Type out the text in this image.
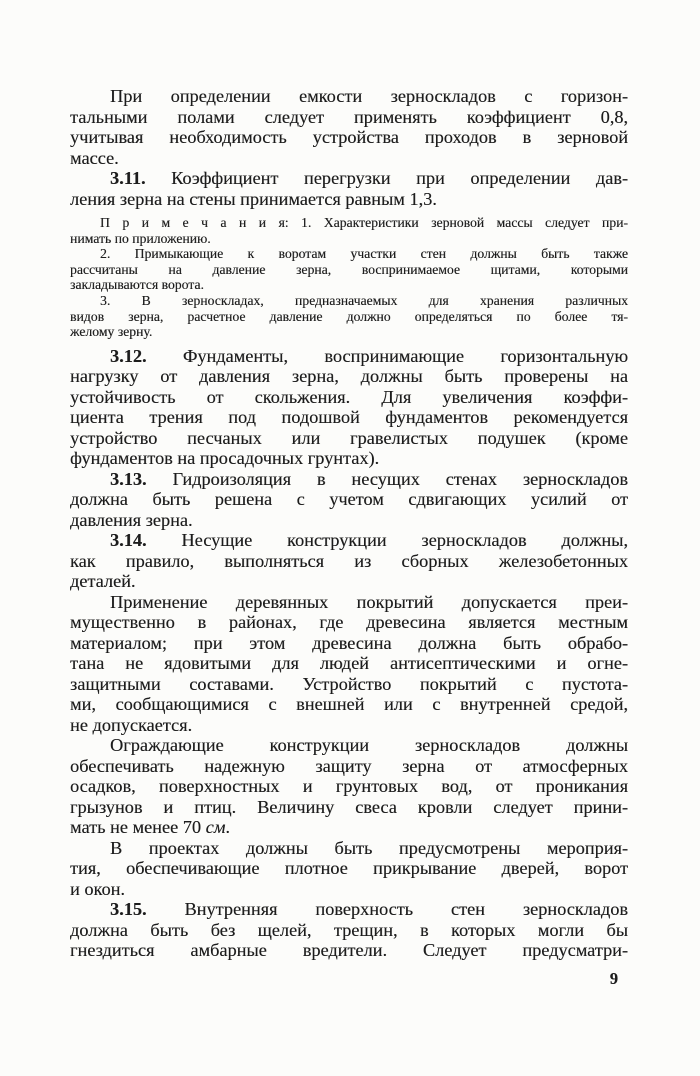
При определении емкости зерноскладов с горизон-
тальными полами следует применять коэффициент 0,8,
учитывая необходимость устройства проходов в зерновой
массе.
3.11. Коэффициент перегрузки при определении дав-
ления зерна на стены принимается равным 1,3.
П р и м е ч а н и я: 1. Характеристики зерновой массы следует при-
нимать по приложению.
2. Примыкающие к воротам участки стен должны быть также
рассчитаны на давление зерна, воспринимаемое щитами, которыми
закладываются ворота.
3. В зерноскладах, предназначаемых для хранения различных
видов зерна, расчетное давление должно определяться по более тя-
желому зерну.
3.12. Фундаменты, воспринимающие горизонтальную
нагрузку от давления зерна, должны быть проверены на
устойчивость от скольжения. Для увеличения коэффи-
циента трения под подошвой фундаментов рекомендуется
устройство песчаных или гравелистых подушек (кроме
фундаментов на просадочных грунтах).
3.13. Гидроизоляция в несущих стенах зерноскладов
должна быть решена с учетом сдвигающих усилий от
давления зерна.
3.14. Несущие конструкции зерноскладов должны,
как правило, выполняться из сборных железобетонных
деталей.
Применение деревянных покрытий допускается преи-
мущественно в районах, где древесина является местным
материалом; при этом древесина должна быть обрабо-
тана не ядовитыми для людей антисептическими и огне-
защитными составами. Устройство покрытий с пустота-
ми, сообщающимися с внешней или с внутренней средой,
не допускается.
Ограждающие конструкции зерноскладов должны
обеспечивать надежную защиту зерна от атмосферных
осадков, поверхностных и грунтовых вод, от проникания
грызунов и птиц. Величину свеса кровли следует прини-
мать не менее 70 см.
В проектах должны быть предусмотрены мероприя-
тия, обеспечивающие плотное прикрывание дверей, ворот
и окон.
3.15. Внутренняя поверхность стен зерноскладов
должна быть без щелей, трещин, в которых могли бы
гнездиться амбарные вредители. Следует предусматри-
9
